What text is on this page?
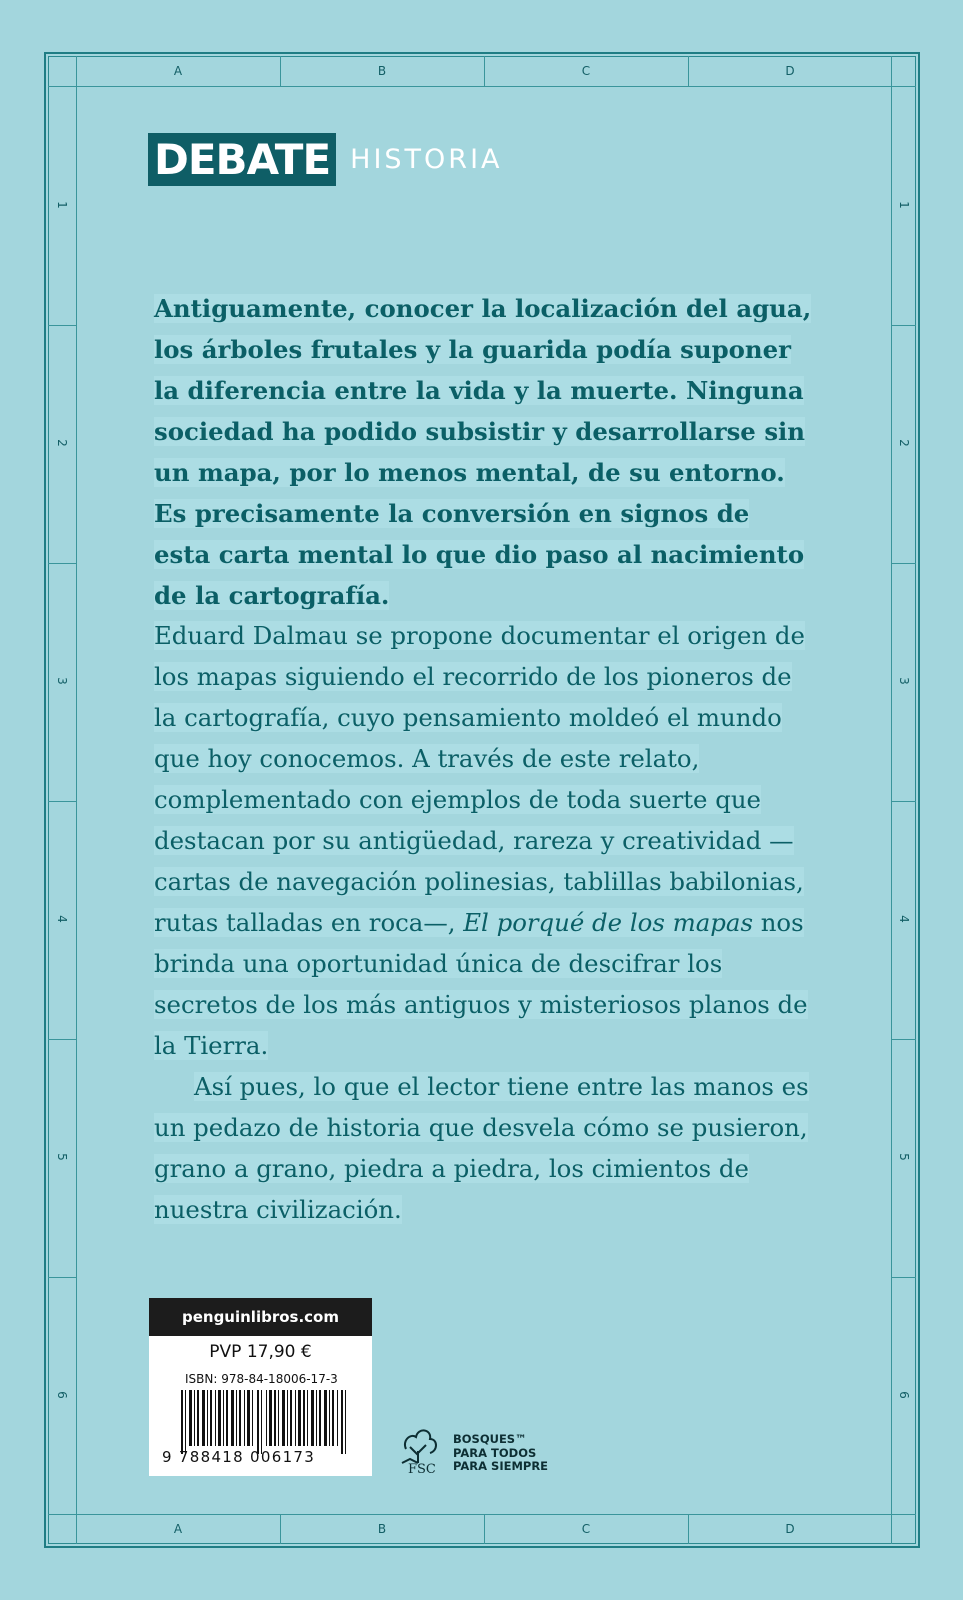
A	B	C	D
A	B	C	D
1
2
3
4
5
6
1
2
3
4
5
6
DEBATE HISTORIA

Antiguamente, conocer la localización del agua, los árboles frutales y la guarida podía suponer la diferencia entre la vida y la muerte. Ninguna sociedad ha podido subsistir y desarrollarse sin un mapa, por lo menos mental, de su entorno. Es precisamente la conversión en signos de esta carta mental lo que dio paso al nacimiento de la cartografía.

Eduard Dalmau se propone documentar el origen de los mapas siguiendo el recorrido de los pioneros de la cartografía, cuyo pensamiento moldeó el mundo que hoy conocemos. A través de este relato, complementado con ejemplos de toda suerte que destacan por su antigüedad, rareza y creatividad —cartas de navegación polinesias, tablillas babilonias, rutas talladas en roca—, El porqué de los mapas nos brinda una oportunidad única de descifrar los secretos de los más antiguos y misteriosos planos de la Tierra.

Así pues, lo que el lector tiene entre las manos es un pedazo de historia que desvela cómo se pusieron, grano a grano, piedra a piedra, los cimientos de nuestra civilización.

penguinlibros.com
PVP 17,90 €
ISBN: 978-84-18006-17-3
9 788418 006173
FSC
BOSQUES™
PARA TODOS
PARA SIEMPRE
